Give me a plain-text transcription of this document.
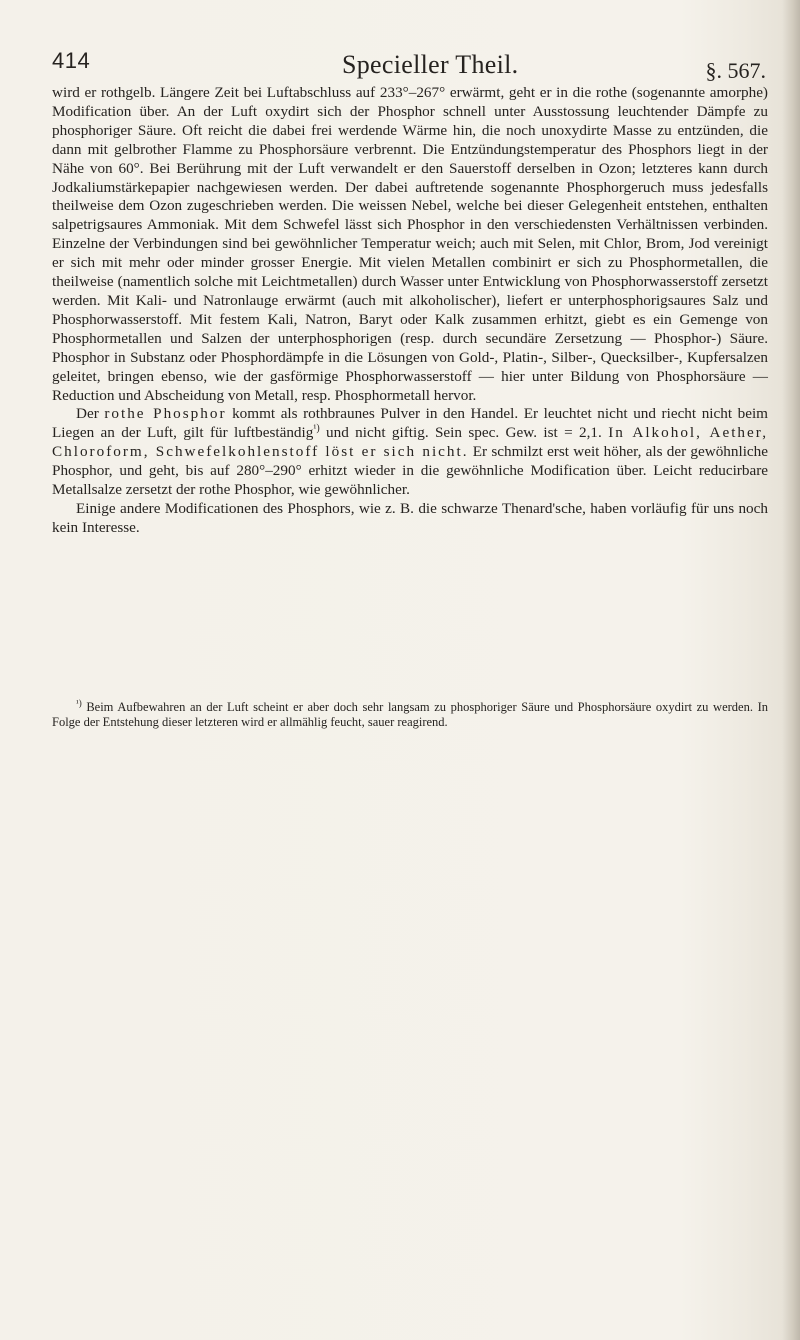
414	Specieller Theil.	§. 567.

wird er rothgelb. Längere Zeit bei Luftabschluss auf 233°–267° erwärmt, geht er in die rothe (sogenannte amorphe) Modification über. An der Luft oxydirt sich der Phosphor schnell unter Ausstossung leuchtender Dämpfe zu phosphoriger Säure. Oft reicht die dabei frei werdende Wärme hin, die noch unoxydirte Masse zu entzünden, die dann mit gelbrother Flamme zu Phosphorsäure verbrennt. Die Entzündungstemperatur des Phosphors liegt in der Nähe von 60°. Bei Berührung mit der Luft verwandelt er den Sauerstoff derselben in Ozon; letzteres kann durch Jodkaliumstärkepapier nachgewiesen werden. Der dabei auftretende sogenannte Phosphorgeruch muss jedesfalls theilweise dem Ozon zugeschrieben werden. Die weissen Nebel, welche bei dieser Gelegenheit entstehen, enthalten salpetrigsaures Ammoniak. Mit dem Schwefel lässt sich Phosphor in den verschiedensten Verhältnissen verbinden. Einzelne der Verbindungen sind bei gewöhnlicher Temperatur weich; auch mit Selen, mit Chlor, Brom, Jod vereinigt er sich mit mehr oder minder grosser Energie. Mit vielen Metallen combinirt er sich zu Phosphormetallen, die theilweise (namentlich solche mit Leichtmetallen) durch Wasser unter Entwicklung von Phosphorwasserstoff zersetzt werden. Mit Kali- und Natronlauge erwärmt (auch mit alkoholischer), liefert er unterphosphorigsaures Salz und Phosphorwasserstoff. Mit festem Kali, Natron, Baryt oder Kalk zusammen erhitzt, giebt es ein Gemenge von Phosphormetallen und Salzen der unterphosphorigen (resp. durch secundäre Zersetzung — Phosphor-) Säure. Phosphor in Substanz oder Phosphordämpfe in die Lösungen von Gold-, Platin-, Silber-, Quecksilber-, Kupfersalzen geleitet, bringen ebenso, wie der gasförmige Phosphorwasserstoff — hier unter Bildung von Phosphorsäure — Reduction und Abscheidung von Metall, resp. Phosphormetall hervor.

Der rothe Phosphor kommt als rothbraunes Pulver in den Handel. Er leuchtet nicht und riecht nicht beim Liegen an der Luft, gilt für luftbeständig$^{^1)}$ und nicht giftig. Sein spec. Gew. ist = 2,1. In Alkohol, Aether, Chloroform, Schwefelkohlenstoff löst er sich nicht. Er schmilzt erst weit höher, als der gewöhnliche Phosphor, und geht, bis auf 280°–290° erhitzt wieder in die gewöhnliche Modification über. Leicht reducirbare Metallsalze zersetzt der rothe Phosphor, wie gewöhnlicher.

Einige andere Modificationen des Phosphors, wie z. B. die schwarze Thenard'sche, haben vorläufig für uns noch kein Interesse.

$^{^1)}$ Beim Aufbewahren an der Luft scheint er aber doch sehr langsam zu phosphoriger Säure und Phosphorsäure oxydirt zu werden. In Folge der Entstehung dieser letzteren wird er allmählig feucht, sauer reagirend.
